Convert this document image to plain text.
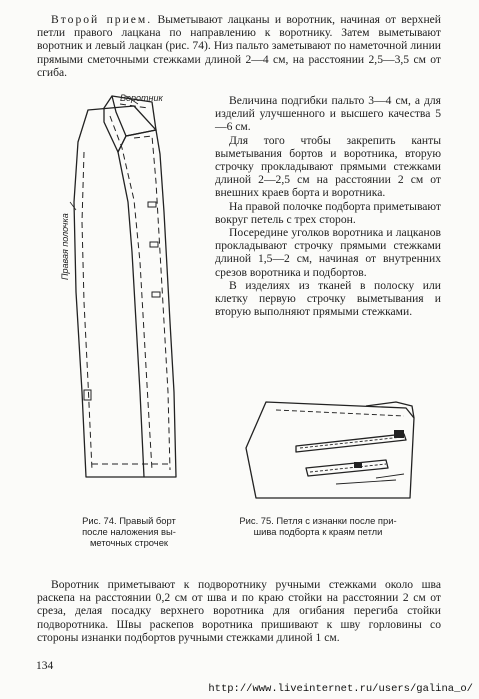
Второй прием. Выметывают лацканы и воротник, начиная от верхней петли правого лацкана по направлению к воротнику. Затем выметывают воротник и левый лацкан (рис. 74). Низ пальто заметывают по наметочной линии прямыми сметочными стежками длиной 2—4 см, на расстоянии 2,5—3,5 см от сгиба.

Величина подгибки пальто 3—4 см, а для изделий улучшенного и высшего качества 5—6 см.

Для того чтобы закрепить канты выметывания бортов и воротника, вторую строчку прокладывают прямыми стежками длиной 2—2,5 см на расстоянии 2 см от внешних краев борта и воротника.

На правой полочке подборта приметывают вокруг петель с трех сторон.

Посередине уголков воротника и лацканов прокладывают строчку прямыми стежками длиной 1,5—2 см, начиная от внутренних срезов воротника и подбортов.

В изделиях из тканей в полоску или клетку первую строчку выметывания и вторую выполняют прямыми стежками.

Воротник
Правая полочка
Рис. 74. Правый борт
после наложения вы-
меточных строчек
Рис. 75. Петля с изнанки после при-
шива подборта к краям петли

Воротник приметывают к подворотнику ручными стежками около шва раскепа на расстоянии 0,2 см от шва и по краю стойки на расстоянии 2 см от среза, делая посадку верхнего воротника для огибания перегиба стойки подворотника. Швы раскепов воротника пришивают к шву горловины со стороны изнанки подбортов ручными стежками длиной 1 см.

134
http://www.liveinternet.ru/users/galina_o/
